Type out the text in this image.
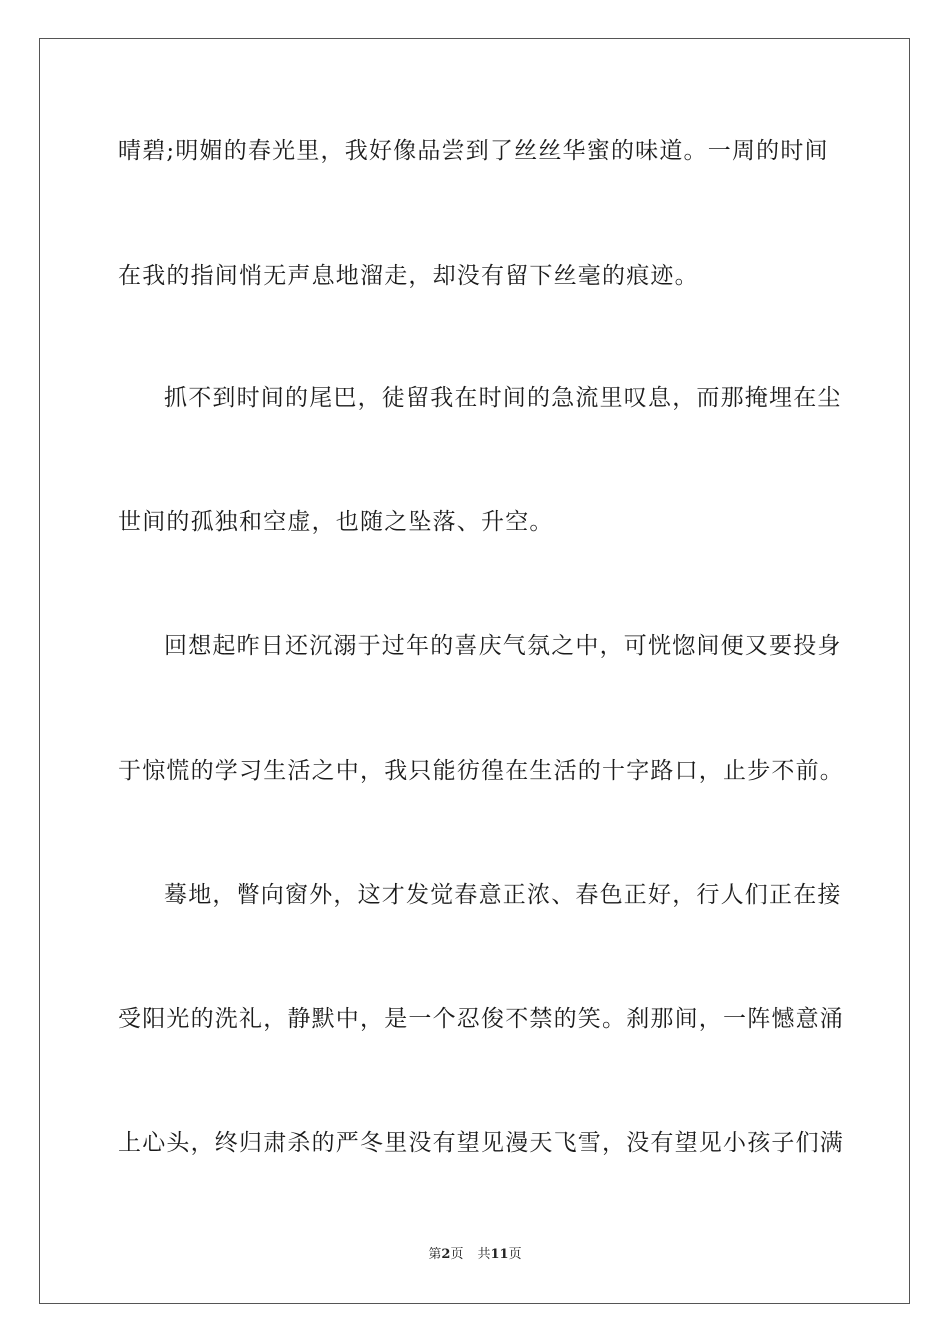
晴碧;明媚的春光里，我好像品尝到了丝丝华蜜的味道。一周的时间
在我的指间悄无声息地溜走，却没有留下丝毫的痕迹。
抓不到时间的尾巴，徒留我在时间的急流里叹息，而那掩埋在尘
世间的孤独和空虚，也随之坠落、升空。
回想起昨日还沉溺于过年的喜庆气氛之中，可恍惚间便又要投身
于惊慌的学习生活之中，我只能彷徨在生活的十字路口，止步不前。
蓦地，瞥向窗外，这才发觉春意正浓、春色正好，行人们正在接
受阳光的洗礼，静默中，是一个忍俊不禁的笑。刹那间，一阵憾意涌
上心头，终归肃杀的严冬里没有望见漫天飞雪，没有望见小孩子们满
第2页 共11页
